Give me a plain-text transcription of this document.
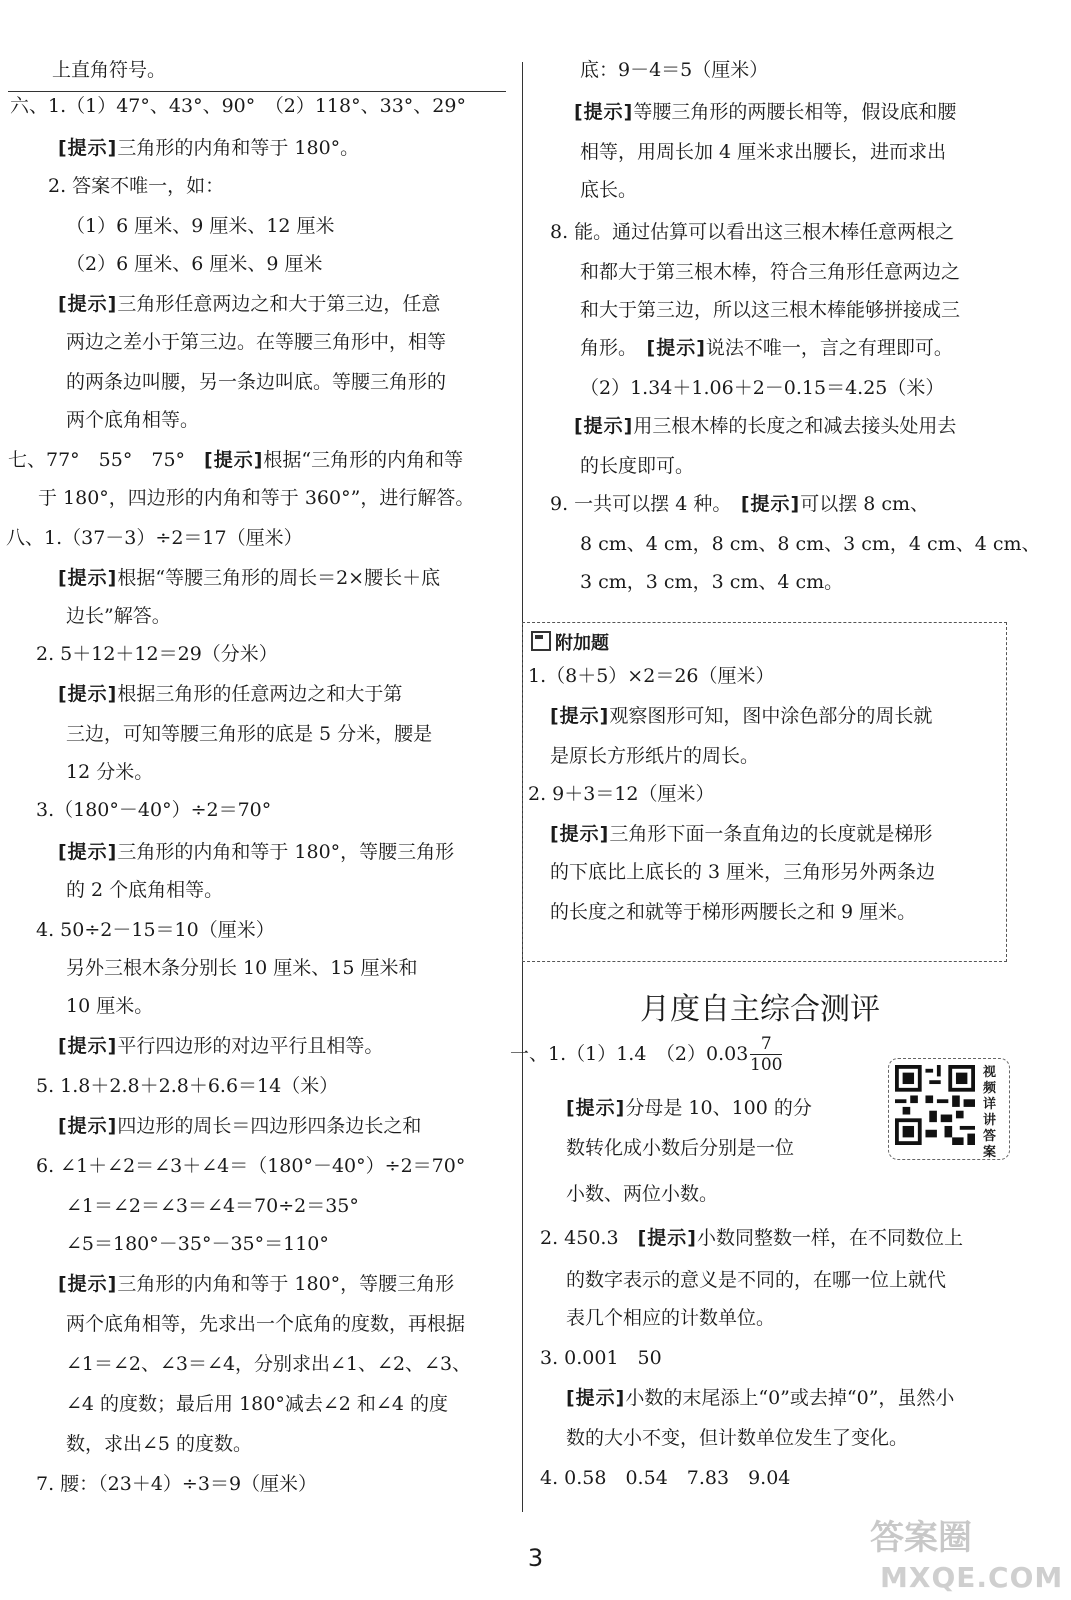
附加题
上直角符号。
六、1.（1）47°、43°、90°　（2）118°、33°、29°
[提示]三角形的内角和等于 180°。
2. 答案不唯一，如：
（1）6 厘米、9 厘米、12 厘米
（2）6 厘米、6 厘米、9 厘米
[提示]三角形任意两边之和大于第三边，任意
两边之差小于第三边。在等腰三角形中，相等
的两条边叫腰，另一条边叫底。等腰三角形的
两个底角相等。
七、77°　55°　75°　 [提示]根据“三角形的内角和等
于 180°，四边形的内角和等于 360°”，进行解答。
八、1.（37－3）÷2＝17（厘米）
[提示]根据“等腰三角形的周长＝2×腰长＋底
边长”解答。
2. 5＋12＋12＝29（分米）
[提示]根据三角形的任意两边之和大于第
三边，可知等腰三角形的底是 5 分米，腰是
12 分米。
3.（180°－40°）÷2＝70°
[提示]三角形的内角和等于 180°，等腰三角形
的 2 个底角相等。
4. 50÷2－15＝10（厘米）
另外三根木条分别长 10 厘米、15 厘米和
10 厘米。
[提示]平行四边形的对边平行且相等。
5. 1.8＋2.8＋2.8＋6.6＝14（米）
[提示]四边形的周长＝四边形四条边长之和
6. ∠1＋∠2＝∠3＋∠4＝（180°－40°）÷2＝70°
∠1＝∠2＝∠3＝∠4＝70÷2＝35°
∠5＝180°－35°－35°＝110°
[提示]三角形的内角和等于 180°，等腰三角形
两个底角相等，先求出一个底角的度数，再根据
∠1＝∠2、∠3＝∠4，分别求出∠1、∠2、∠3、
∠4 的度数；最后用 180°减去∠2 和∠4 的度
数，求出∠5 的度数。
7. 腰：（23＋4）÷3＝9（厘米）
底：9－4＝5（厘米）
[提示]等腰三角形的两腰长相等，假设底和腰
相等，用周长加 4 厘米求出腰长，进而求出
底长。
8. 能。通过估算可以看出这三根木棒任意两根之
和都大于第三根木棒，符合三角形任意两边之
和大于第三边，所以这三根木棒能够拼接成三
角形。　 [提示]说法不唯一，言之有理即可。
（2）1.34＋1.06＋2－0.15＝4.25（米）
[提示]用三根木棒的长度之和减去接头处用去
的长度即可。
9. 一共可以摆 4 种。　 [提示]可以摆 8 cm、
8 cm、4 cm，8 cm、8 cm、3 cm，4 cm、4 cm、
3 cm，3 cm，3 cm、4 cm。
1.（8＋5）×2＝26（厘米）
[提示]观察图形可知，图中涂色部分的周长就
是原长方形纸片的周长。
2. 9＋3＝12（厘米）
[提示]三角形下面一条直角边的长度就是梯形
的下底比上底长的 3 厘米，三角形另外两条边
的长度之和就等于梯形两腰长之和 9 厘米。
一、1.（1）1.4　（2）0.03
[提示]分母是 10、100 的分
数转化成小数后分别是一位
小数、两位小数。
2. 450.3　 [提示]小数同整数一样，在不同数位上
的数字表示的意义是不同的，在哪一位上就代
表几个相应的计数单位。
3. 0.001　50
[提示]小数的末尾添上“0”或去掉“0”，虽然小
数的大小不变，但计数单位发生了变化。
4. 0.58　0.54　7.83　9.04
月度自主综合测评
$\frac{7}{100}$	视频详讲答案
3	答案圈
MXQE.COM
